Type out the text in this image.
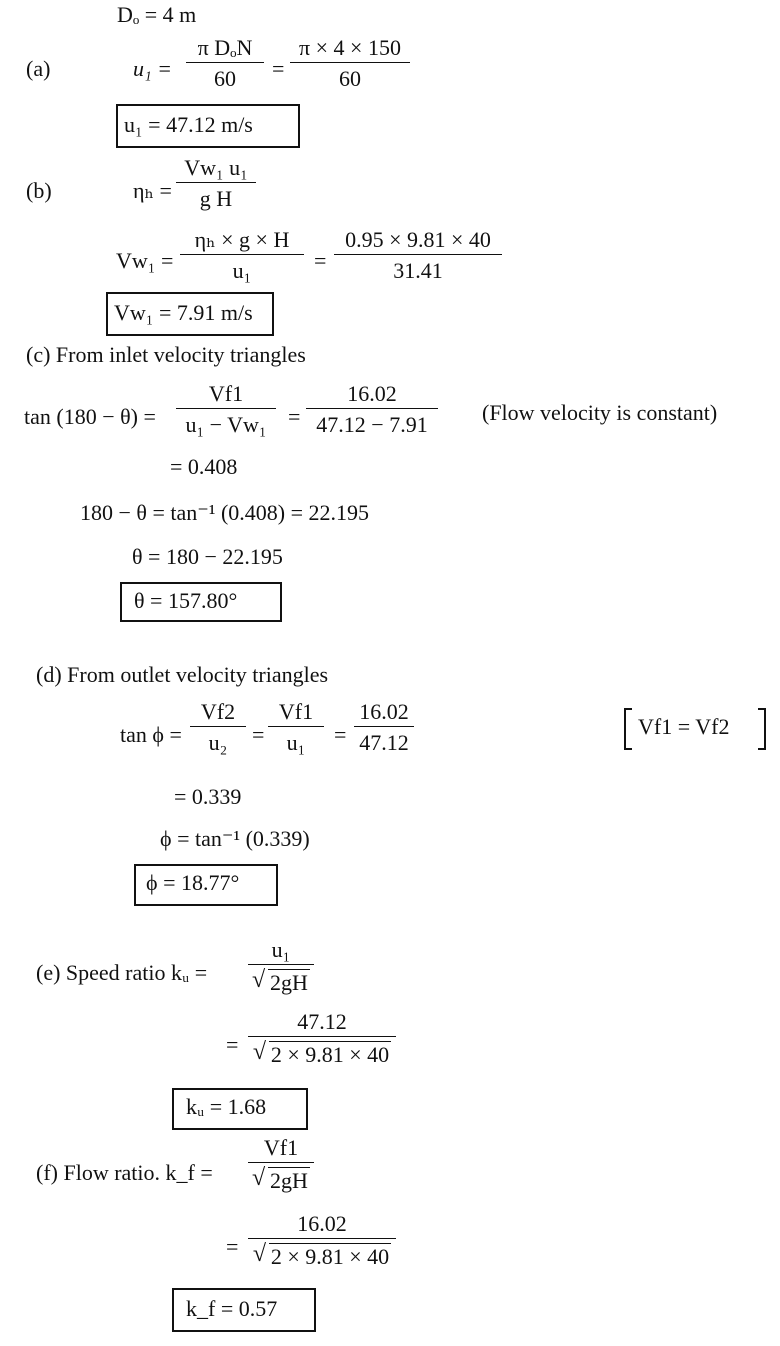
Dₒ = 4 m
(a)	u₁ =
π DₒN
60	= $\frac{\pi \times 4 \times 150}{60}$
u₁ = 47.12 m/s
(b)	$\eta_h = \frac{\text{Vw₁ u₁}}{\text{g H}}$
$Vw_1 = \frac{\text{ηₕ × g × H}}{\text{u₁}} = \frac{0.95 \times 9.81 \times 40}{31.41}$
Vw₁ = 7.91 m/s
(c) From inlet velocity triangles
$\tan (180 - \theta) = \frac{Vf1}{\text{u₁ − Vw₁}} = \frac{16.02}{47.12 - 7.91}$ (Flow velocity is constant)
= 0.408
180 − θ = tan⁻¹ (0.408) = 22.195
θ = 180 − 22.195
θ = 157.80°
(d) From outlet velocity triangles
$\tan \phi = \frac{Vf2}{\text{u₂}} = \frac{Vf1}{\text{u₁}} = \frac{16.02}{47.12}$	Vf1 = Vf2
= 0.339
ϕ = tan⁻¹ (0.339)
ϕ = 18.77°
(e) Speed ratio kᵤ = $\frac{\text{u₁}}{√ 2gH}$
= $\frac{47.12}{√ 2 \times 9.81 \times 40}$
kᵤ = 1.68
(f) Flow ratio. k_f = $\frac{Vf1}{√ 2gH}$
= $\frac{16.02}{√ 2 \times 9.81 \times 40}$
k_f = 0.57
